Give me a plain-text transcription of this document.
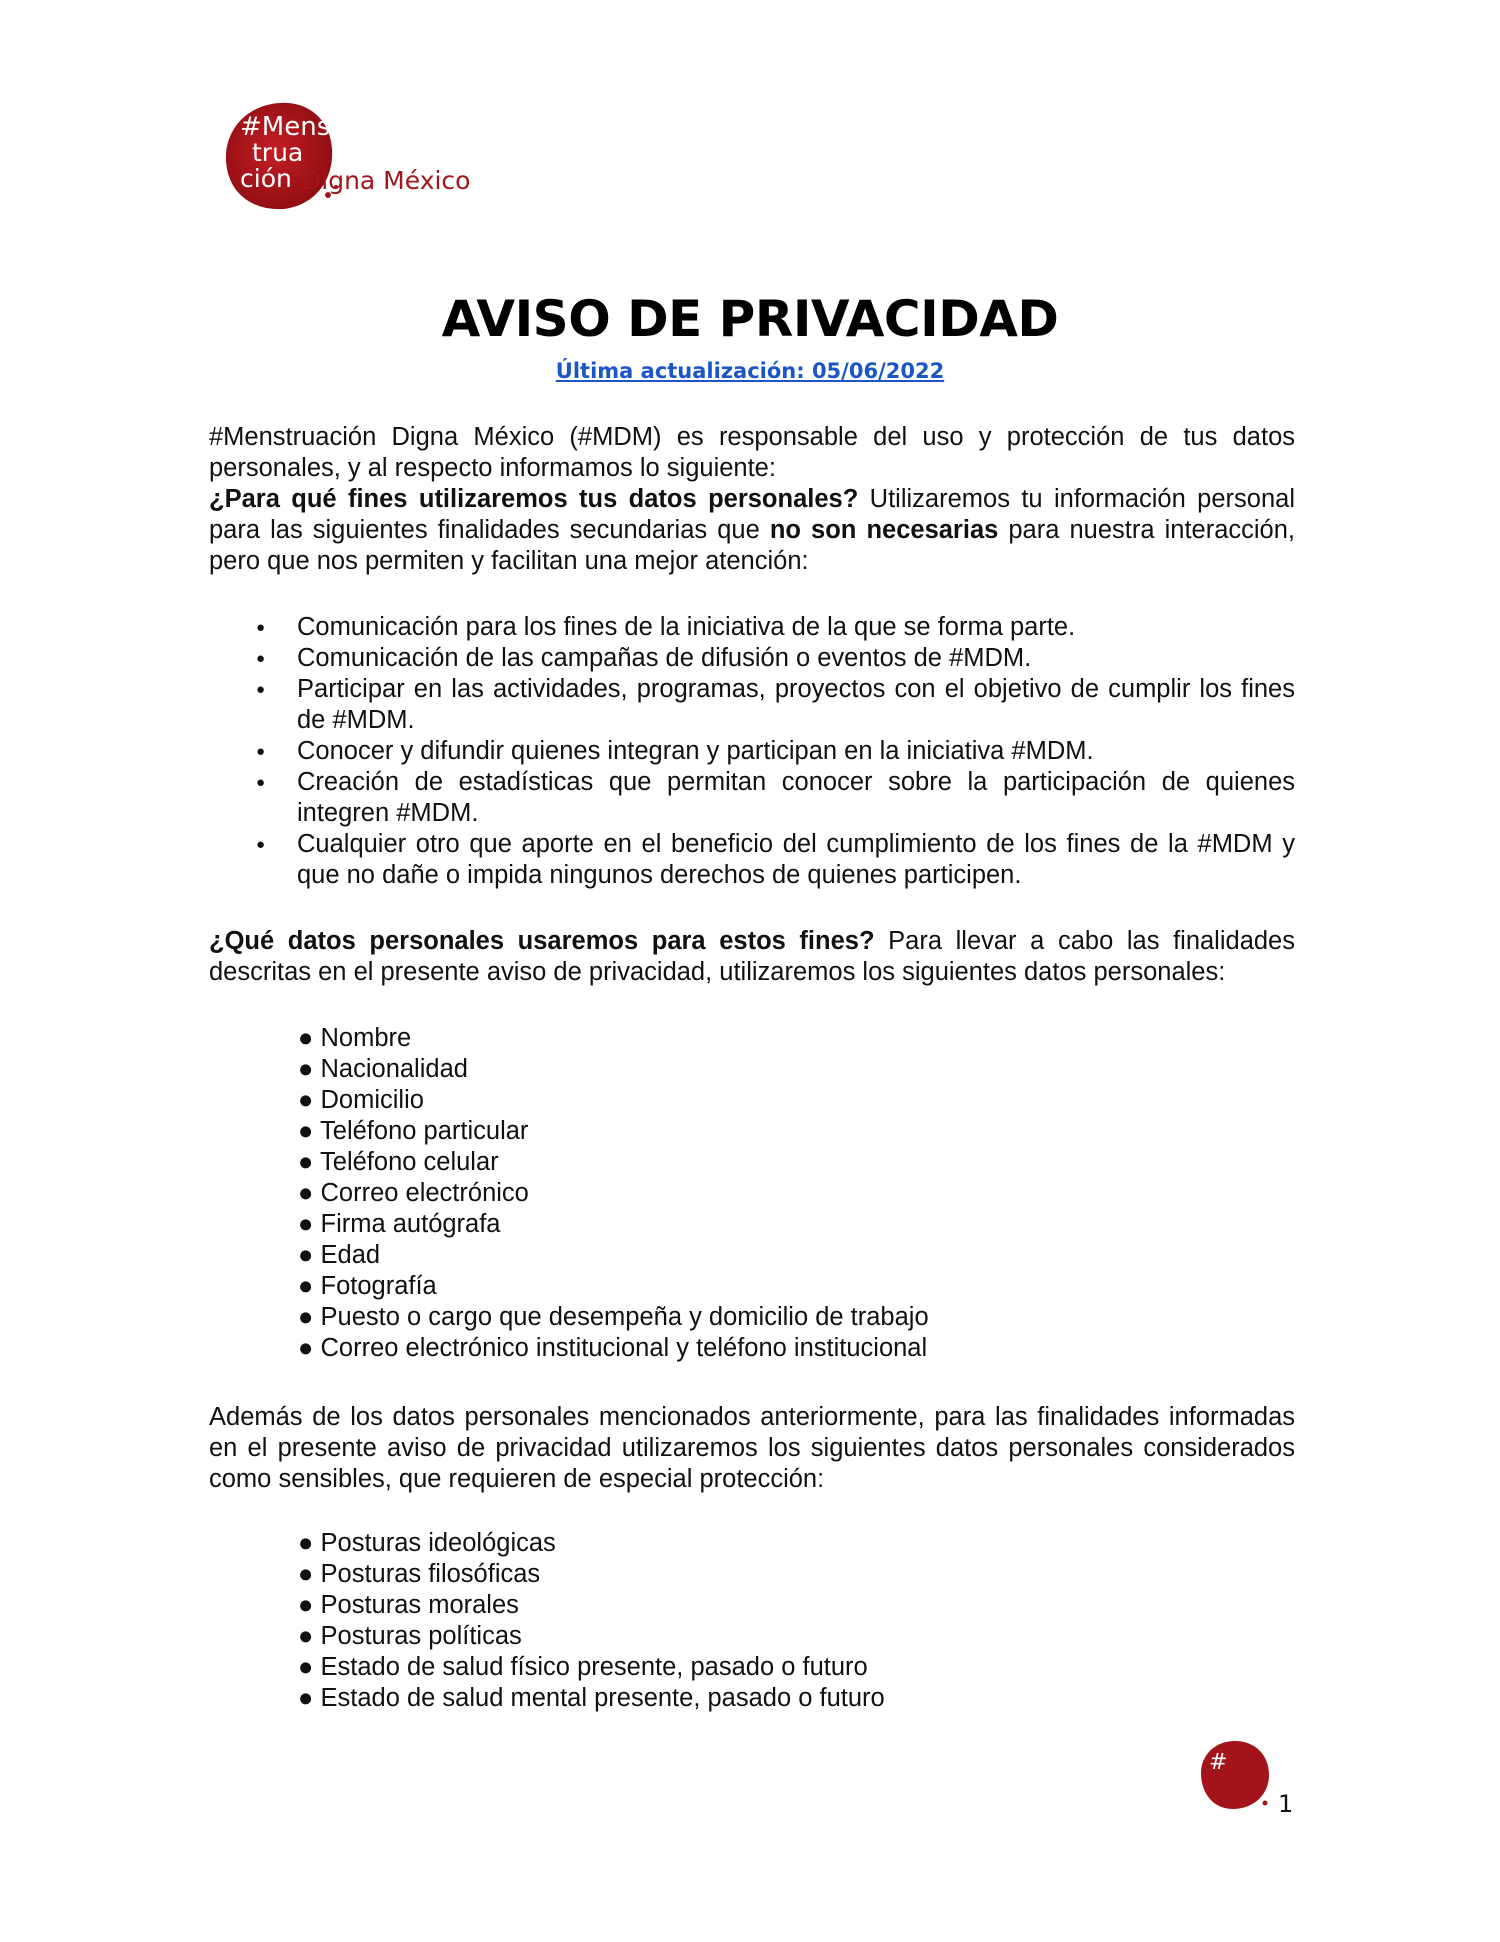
#Mens
trua
ción Digna México
AVISO DE PRIVACIDAD
Última actualización: 05/06/2022

#Menstruación Digna México (#MDM) es responsable del uso y protección de tus datos personales, y al respecto informamos lo siguiente:

¿Para qué fines utilizaremos tus datos personales? Utilizaremos tu información personal para las siguientes finalidades secundarias que no son necesarias para nuestra interacción, pero que nos permiten y facilitan una mejor atención:

● Comunicación para los fines de la iniciativa de la que se forma parte.
● Comunicación de las campañas de difusión o eventos de #MDM.
● Participar en las actividades, programas, proyectos con el objetivo de cumplir los fines de #MDM.
● Conocer y difundir quienes integran y participan en la iniciativa #MDM.
● Creación de estadísticas que permitan conocer sobre la participación de quienes integren #MDM.
● Cualquier otro que aporte en el beneficio del cumplimiento de los fines de la #MDM y que no dañe o impida ningunos derechos de quienes participen.

¿Qué datos personales usaremos para estos fines? Para llevar a cabo las finalidades descritas en el presente aviso de privacidad, utilizaremos los siguientes datos personales:

● Nombre
● Nacionalidad
● Domicilio
● Teléfono particular
● Teléfono celular
● Correo electrónico
● Firma autógrafa
● Edad
● Fotografía
● Puesto o cargo que desempeña y domicilio de trabajo
● Correo electrónico institucional y teléfono institucional

Además de los datos personales mencionados anteriormente, para las finalidades informadas en el presente aviso de privacidad utilizaremos los siguientes datos personales considerados como sensibles, que requieren de especial protección:

● Posturas ideológicas
● Posturas filosóficas
● Posturas morales
● Posturas políticas
● Estado de salud físico presente, pasado o futuro
● Estado de salud mental presente, pasado o futuro
#
1
